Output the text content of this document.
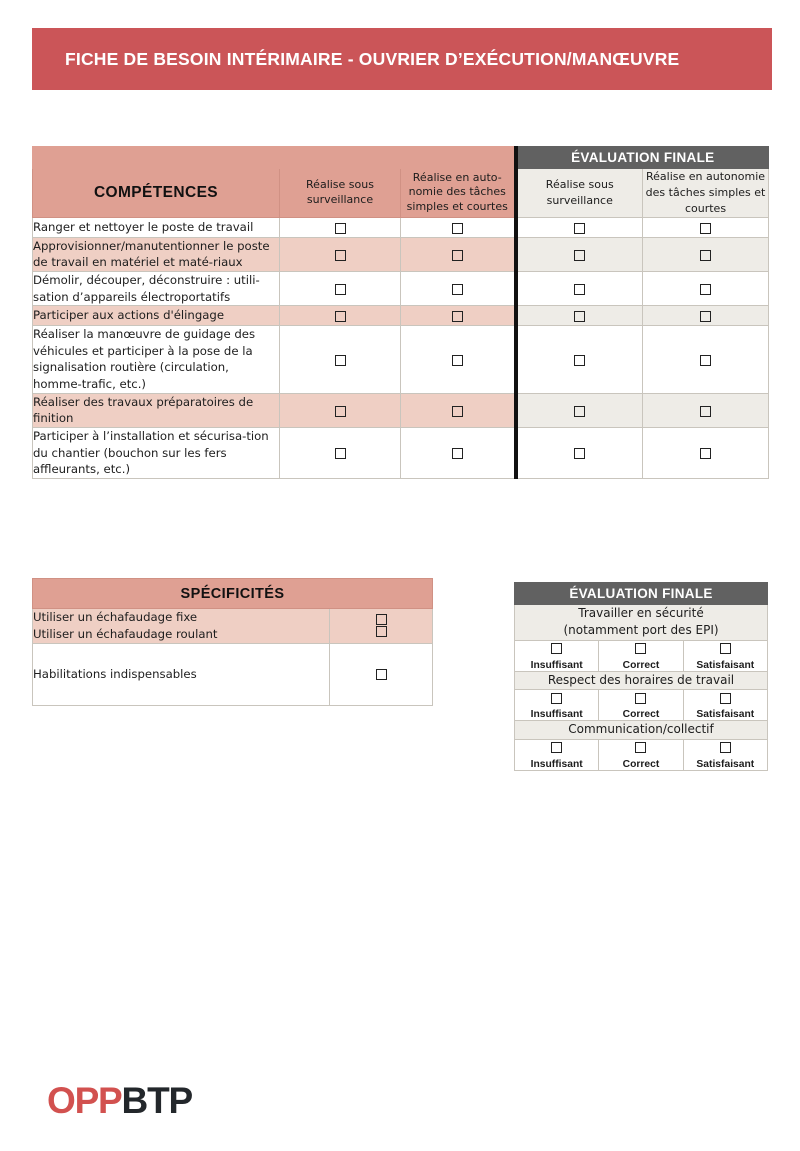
FICHE DE BESOIN INTÉRIMAIRE - OUVRIER D’EXÉCUTION/MANŒUVRE
			ÉVALUATION FINALE	
COMPÉTENCES	Réalise sous surveillance	Réalise en auto-nomie des tâches simples et courtes	Réalise sous surveillance	Réalise en autonomie des tâches simples et courtes
Ranger et nettoyer le poste de travail				
Approvisionner/manutentionner le poste de travail en matériel et maté-riaux				
Démolir, découper, déconstruire : utili-sation d’appareils électroportatifs				
Participer aux actions d'élingage				
Réaliser la manœuvre de guidage des véhicules et participer à la pose de la signalisation routière (circulation, homme-trafic, etc.)				
Réaliser des travaux préparatoires de finition				
Participer à l’installation et sécurisa-tion du chantier (bouchon sur les fers affleurants, etc.)				
SPÉCIFICITÉS	

Utiliser un échafaudage fixe
Utiliser un échafaudage roulant	

Habilitations indispensables	

ÉVALUATION FINALE		

Travailler en sécurité
(notamment port des EPI)		

Insuffisant	Correct	Satisfaisant

Respect des horaires de travail		

Insuffisant	Correct	Satisfaisant

Communication/collectif		

Insuffisant	Correct	Satisfaisant
OPPBTP
